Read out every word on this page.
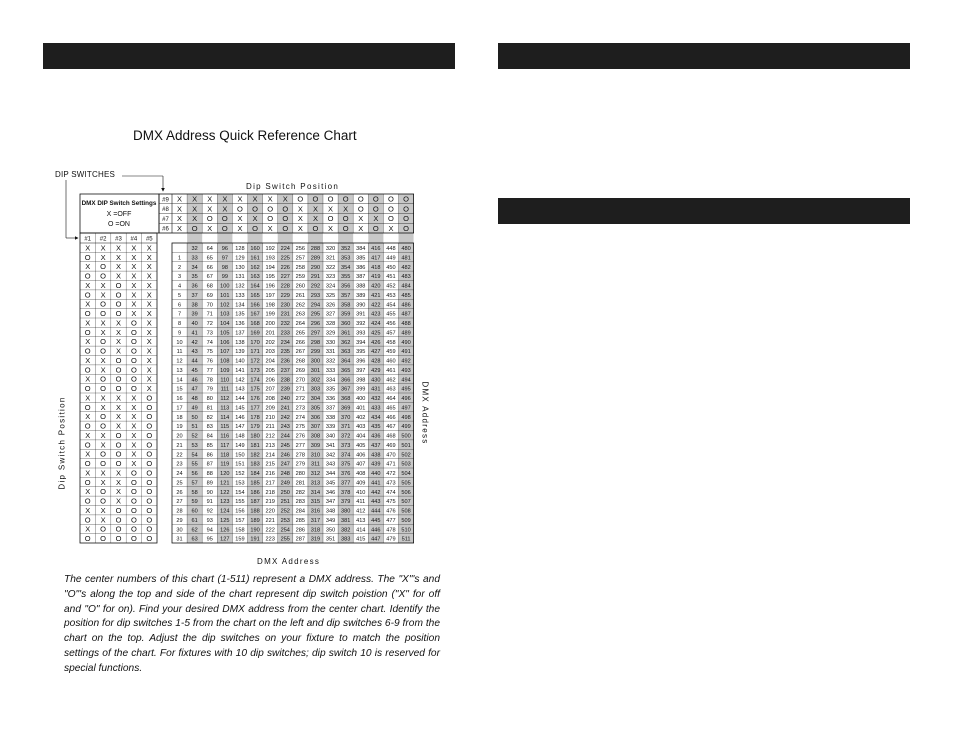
DMX Address Quick Reference Chart
DIP SWITCHES
Dip Switch Position
DMX Address
Dip Switch Position	DMX Address
DMX DIP Switch Settings
X =OFF
O =ON
#9 X X X X X X X X O O O O O O O O
#8 X X X X O O O O X X X X O O O O
#7 X X O O X X O O X X O O X X O O
#6 X O X O X O X O X O X O X O X O
#1 #2 #3 #4 #5
X X X X X
O X X X X
X O X X X
O O X X X
X X O X X
O X O X X
X O O X X
O O O X X
X X X O X
O X X O X
X O X O X
O O X O X
X X O O X
O X O O X
X O O O X
O O O O X
X X X X O
O X X X O
X O X X O
O O X X O
X X O X O
O X O X O
X O O X O
O O O X O
X X X O O
O X X O O
X O X O O
O O X O O
X X O O O
O X O O O
X O O O O
O O O O O
32 64 96 128 160 192 224 256 288 320 352 384 416 448 480
1 33 65 97 129 161 193 225 257 289 321 353 385 417 449 481
2 34 66 98 130 162 194 226 258 290 322 354 386 418 450 482
3 35 67 99 131 163 195 227 259 291 323 355 387 419 451 483
4 36 68 100 132 164 196 228 260 292 324 356 388 420 452 484
5 37 69 101 133 165 197 229 261 293 325 357 389 421 453 485
6 38 70 102 134 166 198 230 262 294 326 358 390 422 454 486
7 39 71 103 135 167 199 231 263 295 327 359 391 423 455 487
8 40 72 104 136 168 200 232 264 296 328 360 392 424 456 488
9 41 73 105 137 169 201 233 265 297 329 361 393 425 457 489
10 42 74 106 138 170 202 234 266 298 330 362 394 426 458 490
11 43 75 107 139 171 203 235 267 299 331 363 395 427 459 491
12 44 76 108 140 172 204 236 268 300 332 364 396 428 460 492
13 45 77 109 141 173 205 237 269 301 333 365 397 429 461 493
14 46 78 110 142 174 206 238 270 302 334 366 398 430 462 494
15 47 79 111 143 175 207 239 271 303 335 367 399 431 463 495
16 48 80 112 144 176 208 240 272 304 336 368 400 432 464 496
17 49 81 113 145 177 209 241 273 305 337 369 401 433 465 497
18 50 82 114 146 178 210 242 274 306 338 370 402 434 466 498
19 51 83 115 147 179 211 243 275 307 339 371 403 435 467 499
20 52 84 116 148 180 212 244 276 308 340 372 404 436 468 500
21 53 85 117 149 181 213 245 277 309 341 373 405 437 469 501
22 54 86 118 150 182 214 246 278 310 342 374 406 438 470 502
23 55 87 119 151 183 215 247 279 311 343 375 407 439 471 503
24 56 88 120 152 184 216 248 280 312 344 376 408 440 472 504
25 57 89 121 153 185 217 249 281 313 345 377 409 441 473 505
26 58 90 122 154 186 218 250 282 314 346 378 410 442 474 506
27 59 91 123 155 187 219 251 283 315 347 379 411 443 475 507
28 60 92 124 156 188 220 252 284 316 348 380 412 444 476 508
29 61 93 125 157 189 221 253 285 317 349 381 413 445 477 509
30 62 94 126 158 190 222 254 286 318 350 382 414 446 478 510
31 63 95 127 159 191 223 255 287 319 351 383 415 447 479 511
The center numbers of this chart (1-511) represent a DMX address. The "X"'s and "O"'s along the top and side of the chart represent dip switch poistion ("X" for off and "O" for on). Find your desired DMX address from the center chart. Identify the position for dip switches 1-5 from the chart on the left and dip switches 6-9 from the chart on the top. Adjust the dip switches on your fixture to match the position settings of the chart. For fixtures with 10 dip switches; dip switch 10 is reserved for special functions.
